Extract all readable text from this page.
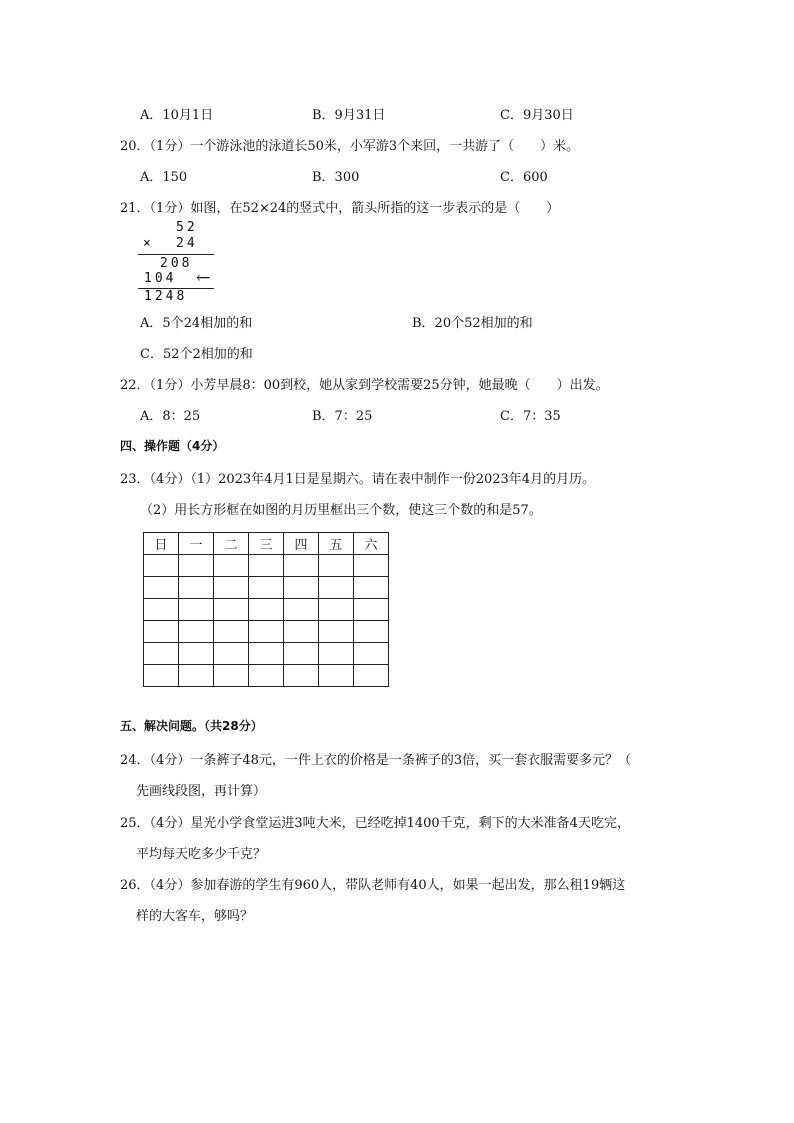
A．10月1日	B．9月31日	C．9月30日
20．（1分）一个游泳池的泳道长50米，小军游3个来回，一共游了（　　）米。
A．150	B．300	C．600
21．（1分）如图，在52×24的竖式中，箭头所指的这一步表示的是（　　）
52
× 24
208
104 ←
1248
A．5个24相加的和	B．20个52相加的和
C．52个2相加的和
22．（1分）小芳早晨8：00到校，她从家到学校需要25分钟，她最晚（　　）出发。
A．8：25	B．7：25	C．7：35
四、操作题（4分）
23．（4分）（1）2023年4月1日是星期六。请在表中制作一份2023年4月的月历。
（2）用长方形框在如图的月历里框出三个数，使这三个数的和是57。
日	一	二	三	四	五	六

五、解决问题。（共28分）
24．（4分）一条裤子48元，一件上衣的价格是一条裤子的3倍，买一套衣服需要多元？（
先画线段图，再计算）
25．（4分）星光小学食堂运进3吨大米，已经吃掉1400千克，剩下的大米准备4天吃完，
平均每天吃多少千克？
26．（4分）参加春游的学生有960人，带队老师有40人，如果一起出发，那么租19辆这
样的大客车，够吗？
